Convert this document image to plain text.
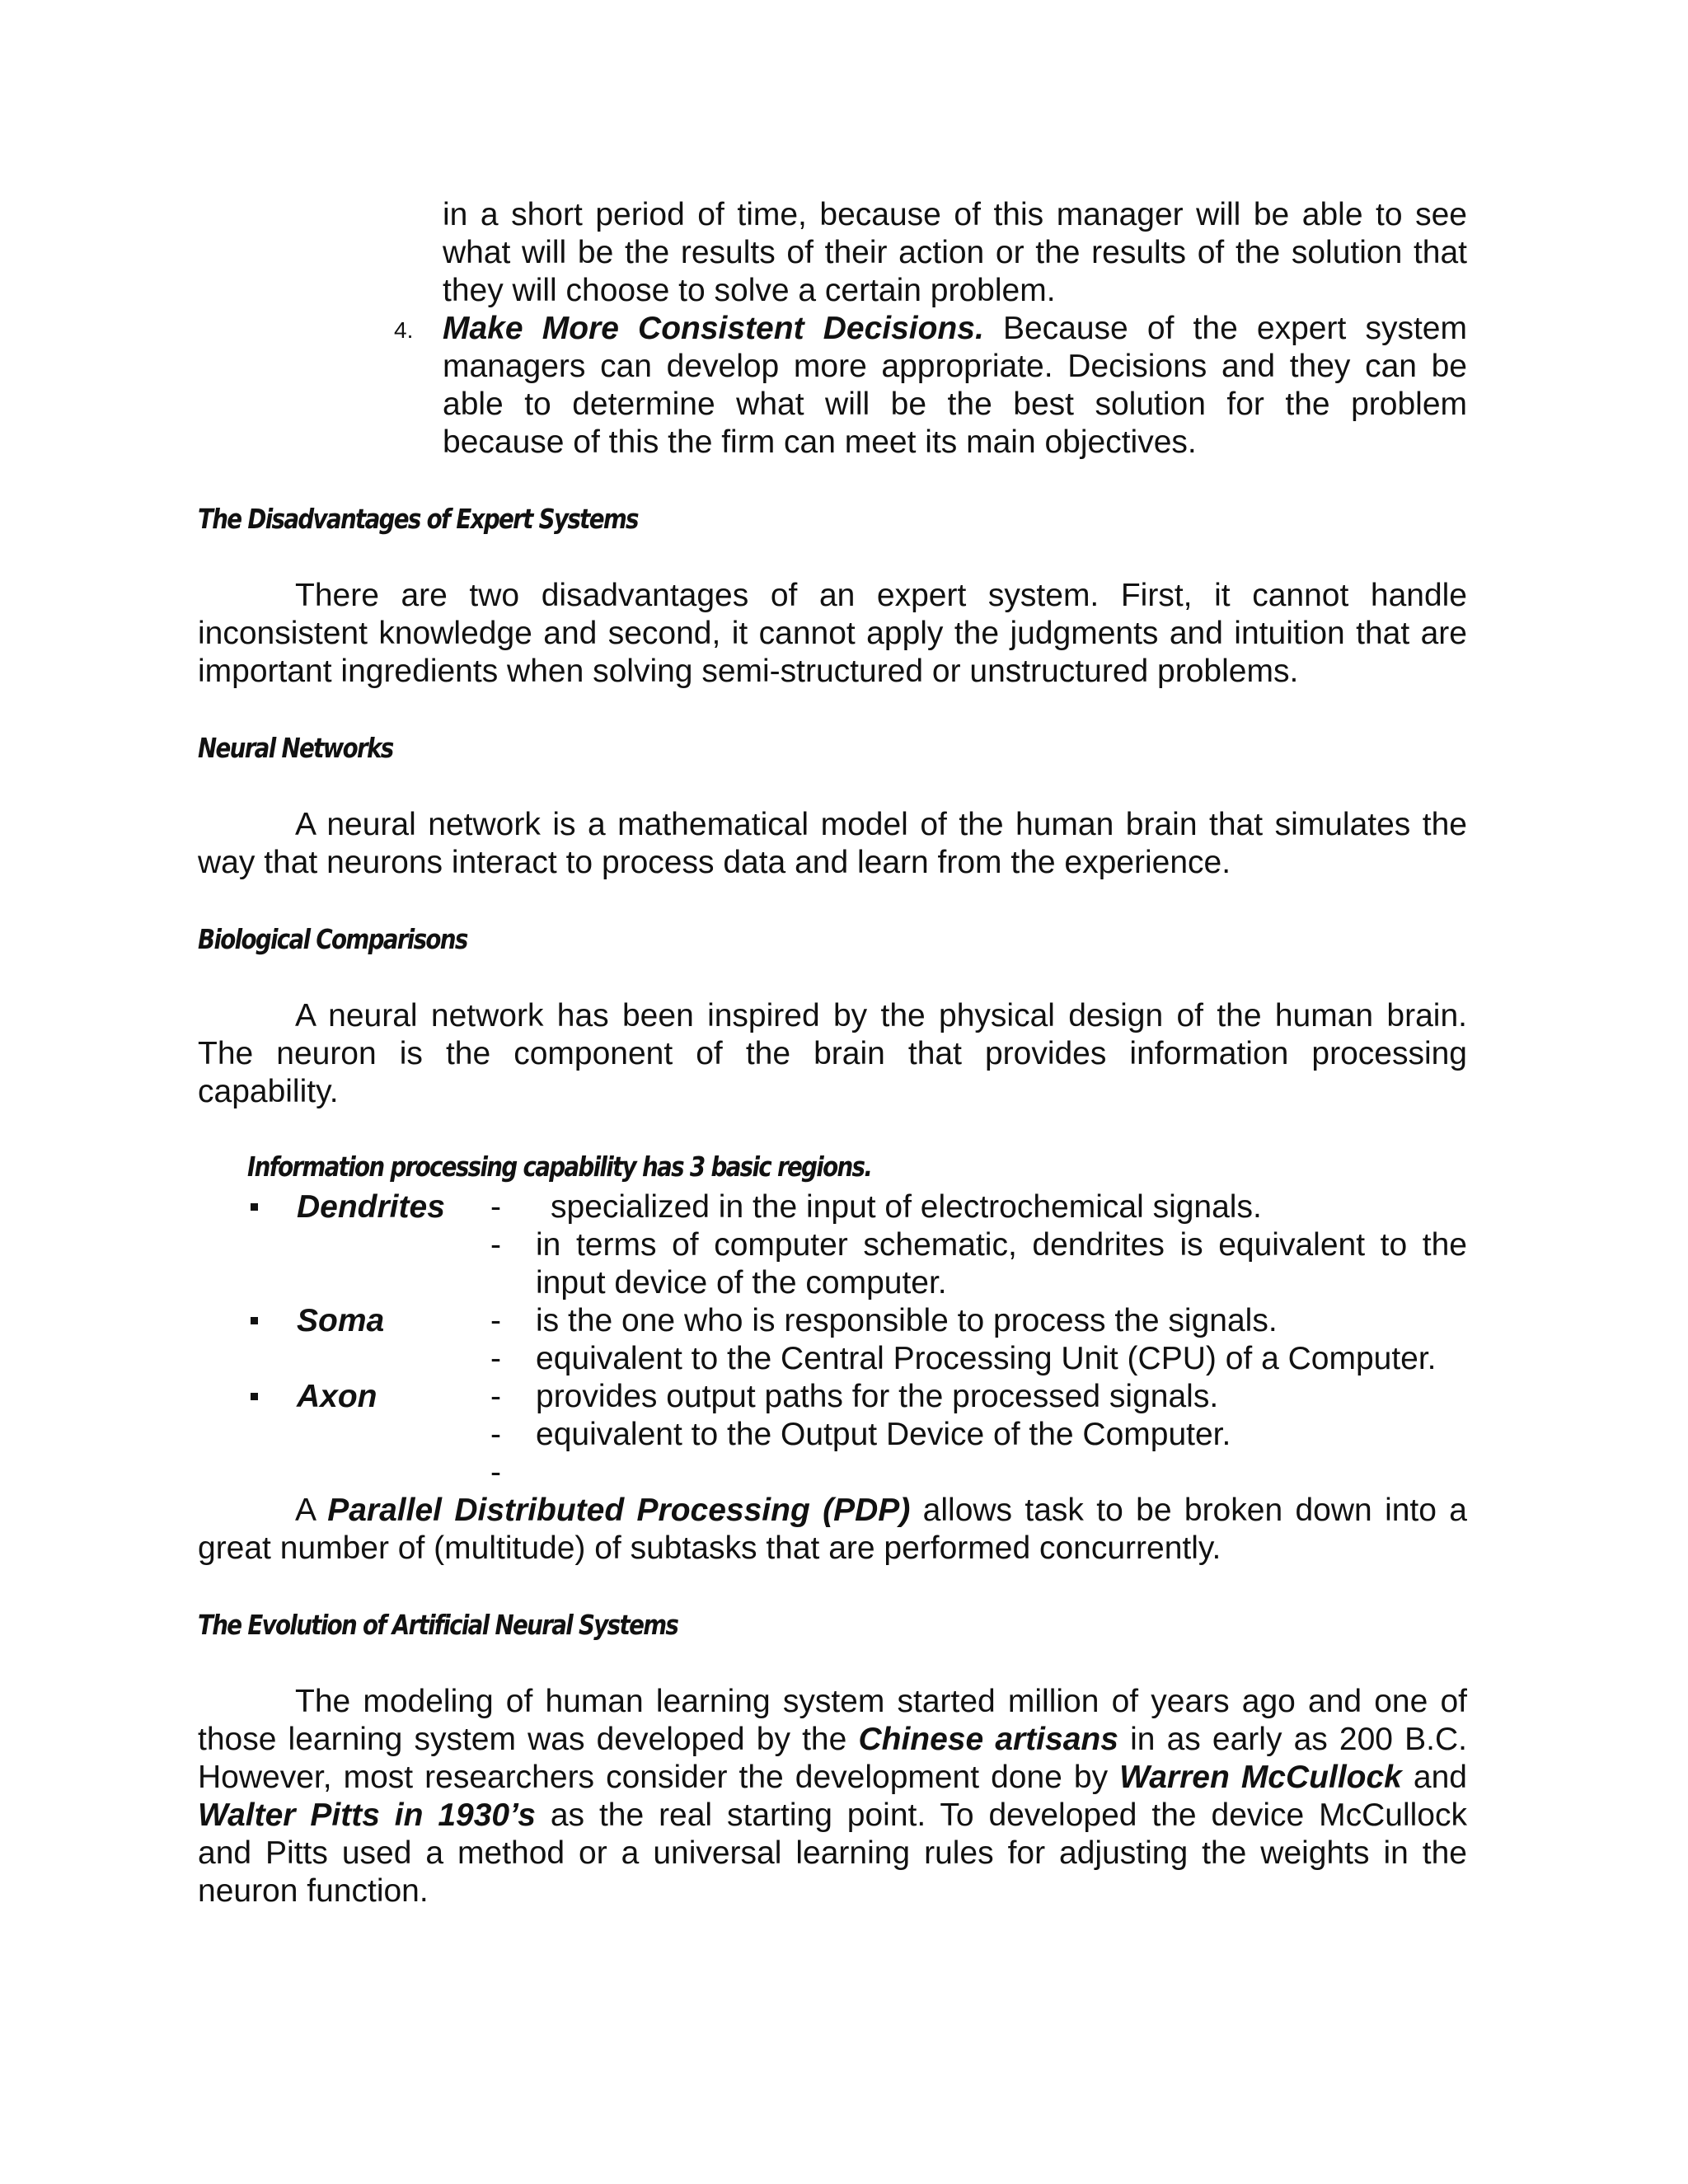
in a short period of time, because of this manager will be able to see
what will be the results of their action or the results of the solution that
they will choose to solve a certain problem.
4. Make More Consistent Decisions. Because of the expert system
managers can develop more appropriate. Decisions and they can be
able to determine what will be the best solution for the problem
because of this the firm can meet its main objectives.
The Disadvantages of Expert Systems
There are two disadvantages of an expert system. First, it cannot handle
inconsistent knowledge and second, it cannot apply the judgments and intuition that are
important ingredients when solving semi-structured or unstructured problems.
Neural Networks
A neural network is a mathematical model of the human brain that simulates the
way that neurons interact to process data and learn from the experience.
Biological Comparisons
A neural network has been inspired by the physical design of the human brain.
The neuron is the component of the brain that provides information processing
capability.
Information processing capability has 3 basic regions.
Dendrites - specialized in the input of electrochemical signals.
- in terms of computer schematic, dendrites is equivalent to the
input device of the computer.
Soma	- is the one who is responsible to process the signals.
- equivalent to the Central Processing Unit (CPU) of a Computer.
Axon	- provides output paths for the processed signals.
- equivalent to the Output Device of the Computer.
-
A Parallel Distributed Processing (PDP) allows task to be broken down into a
great number of (multitude) of subtasks that are performed concurrently.
The Evolution of Artificial Neural Systems
The modeling of human learning system started million of years ago and one of
those learning system was developed by the Chinese artisans in as early as 200 B.C.
However, most researchers consider the development done by Warren McCullock and
Walter Pitts in 1930’s as the real starting point. To developed the device McCullock
and Pitts used a method or a universal learning rules for adjusting the weights in the
neuron function.
